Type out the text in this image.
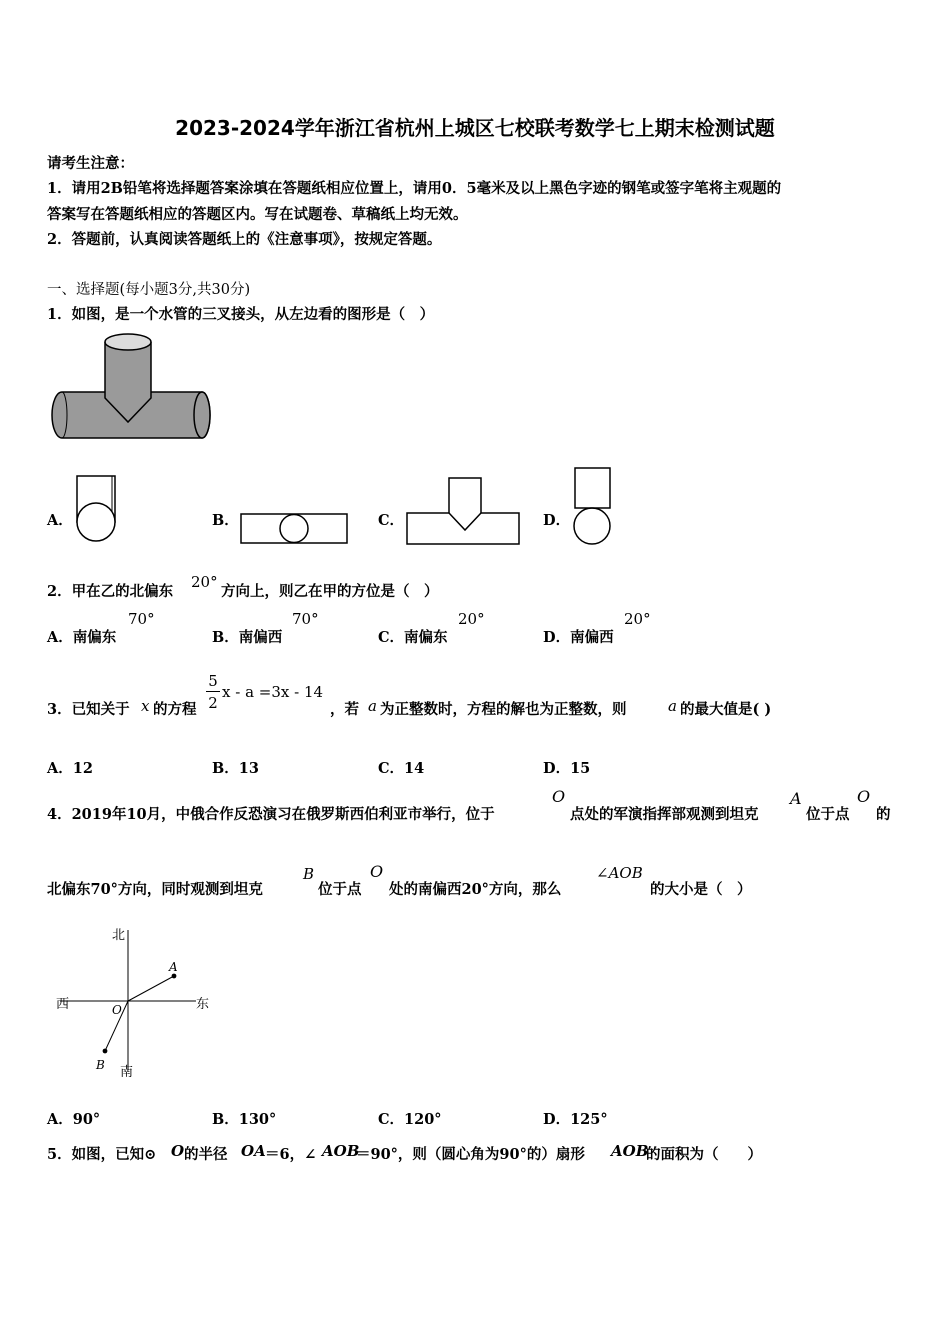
2023-2024学年浙江省杭州上城区七校联考数学七上期末检测试题
请考生注意：
1．请用2B铅笔将选择题答案涂填在答题纸相应位置上，请用0．5毫米及以上黑色字迹的钢笔或签字笔将主观题的
答案写在答题纸相应的答题区内。写在试题卷、草稿纸上均无效。
2．答题前，认真阅读答题纸上的《注意事项》，按规定答题。
一、选择题(每小题3分,共30分)
1．如图，是一个水管的三叉接头，从左边看的图形是（　）
A．	B．	C．	D．
2．甲在乙的北偏东
20°
方向上，则乙在甲的方位是（　）
A．南偏东
70°
B．南偏西
70°
C．南偏东
20°
D．南偏西
20°
3．已知关于 x 的方程
5
2
x - a =3x - 14
，若 a 为正整数时，方程的解也为正整数，则	a 的最大值是( )
A．12	B．13	C．14	D．15
4．2019年10月，中俄合作反恐演习在俄罗斯西伯利亚市举行，位于
O
点处的军演指挥部观测到坦克
A
位于点
O
的
北偏东70°方向，同时观测到坦克
B
位于点
O
处的南偏西20°方向，那么
∠AOB
的大小是（　）
北
南
西	东
O
A
B
A．90°	B．130°	C．120°	D．125°
5．如图，已知⊙ O 的半径 OA ＝6，∠ AOB
＝90°，则（圆心角为90°的）扇形 AOB
的面积为（　　）
